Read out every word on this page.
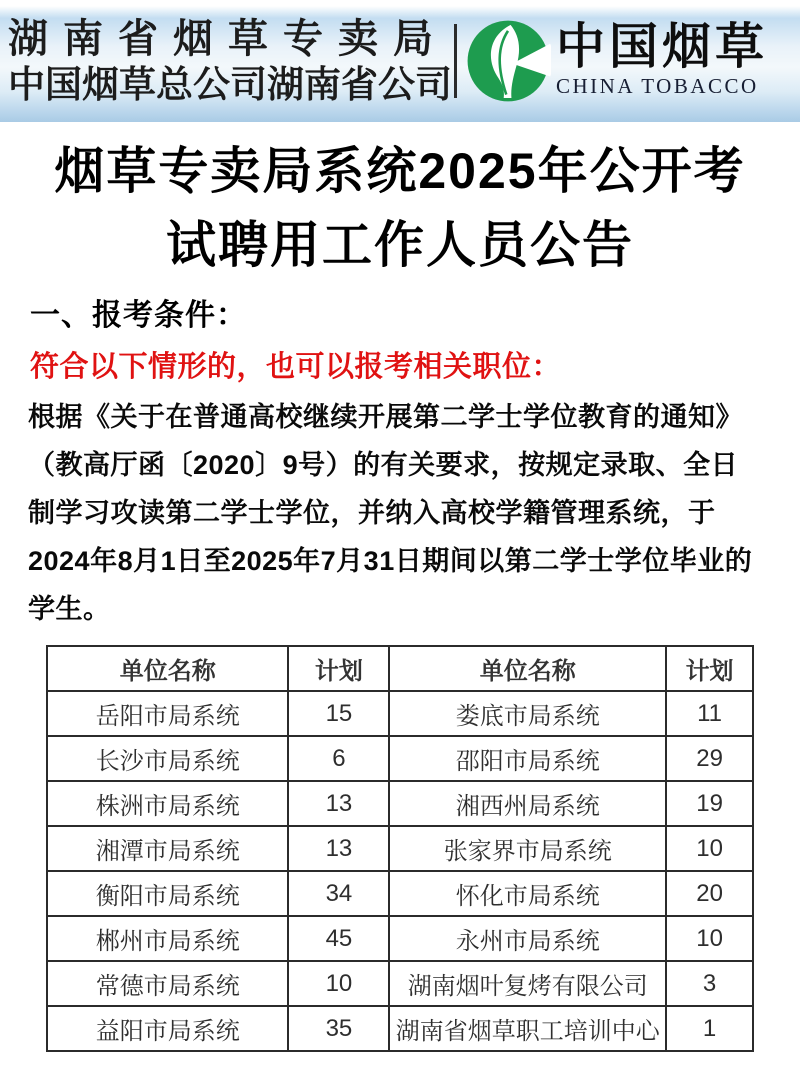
湖南省烟草专卖局
中国烟草总公司湖南省公司
中国烟草
CHINA TOBACCO
烟草专卖局系统2025年公开考
试聘用工作人员公告
一、报考条件：
符合以下情形的，也可以报考相关职位：
根据《关于在普通高校继续开展第二学士学位教育的通知》
（教高厅函〔2020〕9号）的有关要求，按规定录取、全日
制学习攻读第二学士学位，并纳入高校学籍管理系统，于
2024年8月1日至2025年7月31日期间以第二学士学位毕业的
学生。
单位名称	计划	单位名称	计划
岳阳市局系统	15	娄底市局系统	11
长沙市局系统	6	邵阳市局系统	29
株洲市局系统	13	湘西州局系统	19
湘潭市局系统	13	张家界市局系统	10
衡阳市局系统	34	怀化市局系统	20
郴州市局系统	45	永州市局系统	10
常德市局系统	10	湖南烟叶复烤有限公司	3
益阳市局系统	35	湖南省烟草职工培训中心	1
